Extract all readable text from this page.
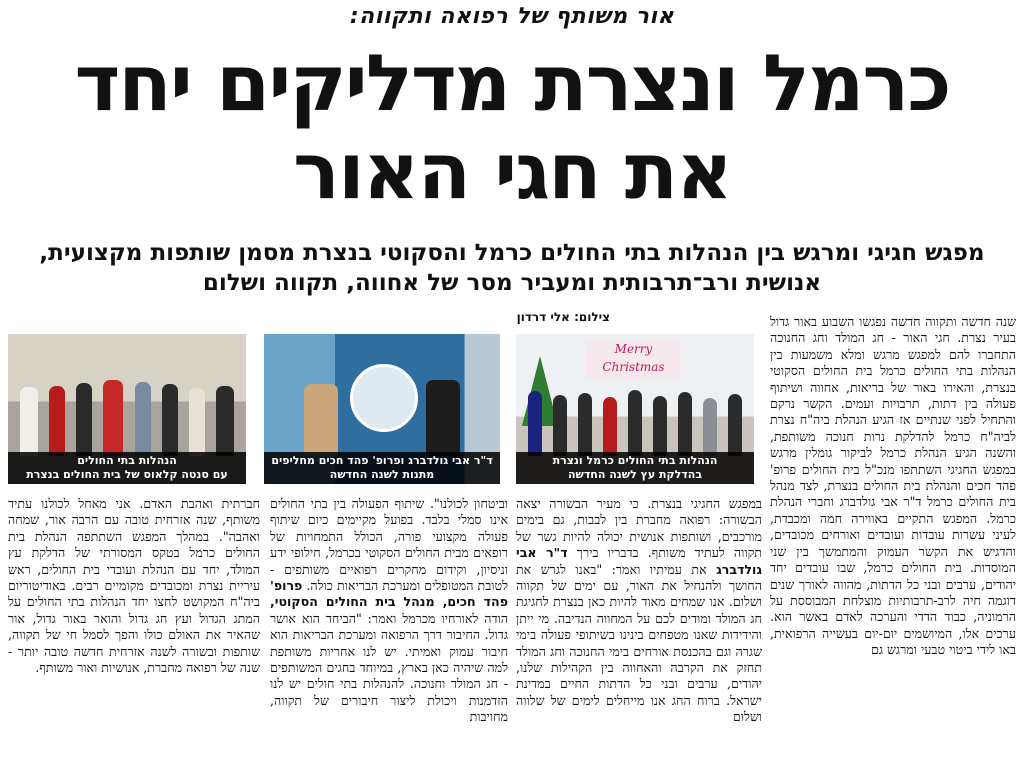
אור משותף של רפואה ותקווה:
כרמל ונצרת מדליקים יחד
את חגי האור
מפגש חגיגי ומרגש בין הנהלות בתי החולים כרמל והסקוטי בנצרת מסמן שותפות מקצועית,
אנושית ורב־תרבותית ומעביר מסר של אחווה, תקווה ושלום
צילום: אלי דרדון	שנה חדשה ותקווה חדשה נפגשו השבוע באור גדול בעיר נצרת. חגי האור - חג המולד וחג החנוכה התחברו להם למפגש מרגש ומלא משמעות בין הנהלות בתי החולים כרמל בית החולים הסקוטי בנצרת, והאירו באור של בריאות, אחווה ושיתוף פעולה בין דתות, תרבויות ועמים. הקשר נרקם והתחיל לפני שנתיים אז הגיע הנהלת ביה"ח נצרת לביה"ח כרמל להדלקת נרות חנוכה משותפת, והשנה הגיע הנהלת כרמל לביקור גומלין מרגש במפגש החגיגי השתתפו מנכ"ל בית החולים פרופ' פהד חכים והנהלת בית החולים בנצרת, לצד מנהל בית החולים כרמל ד"ר אבי גולדברג וחברי הנהלת כרמל. המפגש התקיים באווירה חמה ומכבדת, לעיני עשרות עובדות ועובדים ואורחים מכובדים, והדגיש את הקשר העמוק והמתמשך בין שני המוסדות. בית החולים כרמל, שבו עובדים יחד יהודים, ערבים ובני כל הדתות, מהווה לאורך שנים דוגמה חיה לרב-תרבותיות מוצלחת המבוססת על הרמוניה, כבוד הדדי והערכה לאדם באשר הוא. ערכים אלו, המיושמים יום-יום בעשייה הרפואית, באו לידי ביטוי טבעי ומרגש גם

Merry Christmas
הנהלות בתי החולים כרמל ונצרת
בהדלקת עץ לשנה החדשה
ד"ר אבי גולדברג ופרופ' פהד חכים מחליפים
מתנות לשנה החדשה
הנהלות בתי החולים
עם סנטה קלאוס של בית החולים בנצרת

במפגש החגיגי בנצרת. כי מעיר הבשורה יצאה הבשורה: רפואה מחברת בין לבבות, גם בימים מורכבים, ושותפות אנושית יכולה להיות גשר של תקווה לעתיד משותף. בדבריו בירך ד"ר אבי גולדברג את עמיתיו ואמר: "באנו לגרש את החושך ולהנחיל את האור, עם ימים של תקווה ושלום. אנו שמחים מאוד להיות כאן בנצרת לחגיגת חג המולד ומודים לכם על המחווה הנדיבה. מי ייתן והידידות שאנו מטפחים בינינו בשיתופי פעולה בימי שגרה וגם בהכנסת אורחים בימי החנוכה וחג המולד תחזק את הקרבה והאחווה בין הקהילות שלנו, יהודים, ערבים ובני כל הדתות החיים במדינת ישראל. ברוח החג אנו מייחלים לימים של שלווה ושלום

וביטחון לכולנו". שיתוף הפעולה בין בתי החולים אינו סמלי בלבד. בפועל מקיימים כיום שיתוף פעולה מקצועי פורה, הכולל התמחויות של רופאים מבית החולים הסקוטי בכרמל, חילופי ידע וניסיון, וקידום מחקרים רפואיים משותפים - לטובת המטופלים ומערכת הבריאות כולה. פרופ' פהד חכים, מנהל בית החולים הסקוטי, הודה לאורחיו מכרמל ואמר: "הביחד הוא אושר גדול. החיבור דרך הרפואה ומערכת הבריאות הוא חיבור עמוק ואמיתי. יש לנו אחריות משותפת למה שיהיה כאן בארץ, במיוחד בחגים המשותפים - חג המולד וחנוכה. להנהלות בתי חולים יש לנו הזדמנות ויכולת ליצור חיבורים של תקווה, מחויבות

חברתית ואהבת האדם. אני מאחל לכולנו עתיד משותף, שנה אזרחית טובה עם הרבה אור, שמחה ואהבה". במהלך המפגש השתתפה הנהלת בית החולים כרמל בטקס המסורתי של הדלקת עץ המולד, יחד עם הנהלת ועובדי בית החולים, ראש עיריית נצרת ומכובדים מקומיים רבים. באודיטוריום ביה"ח המקושט לחצו יחד הנהלות בתי החולים על המתג הגדול ועץ חג גדול והואר באור גדול, אור שהאיר את האולם כולו והפך לסמל חי של תקווה, שותפות ובשורה לשנה אזרחית חדשה טובה יותר - שנה של רפואה מחברת, אנושיות ואור משותף.
